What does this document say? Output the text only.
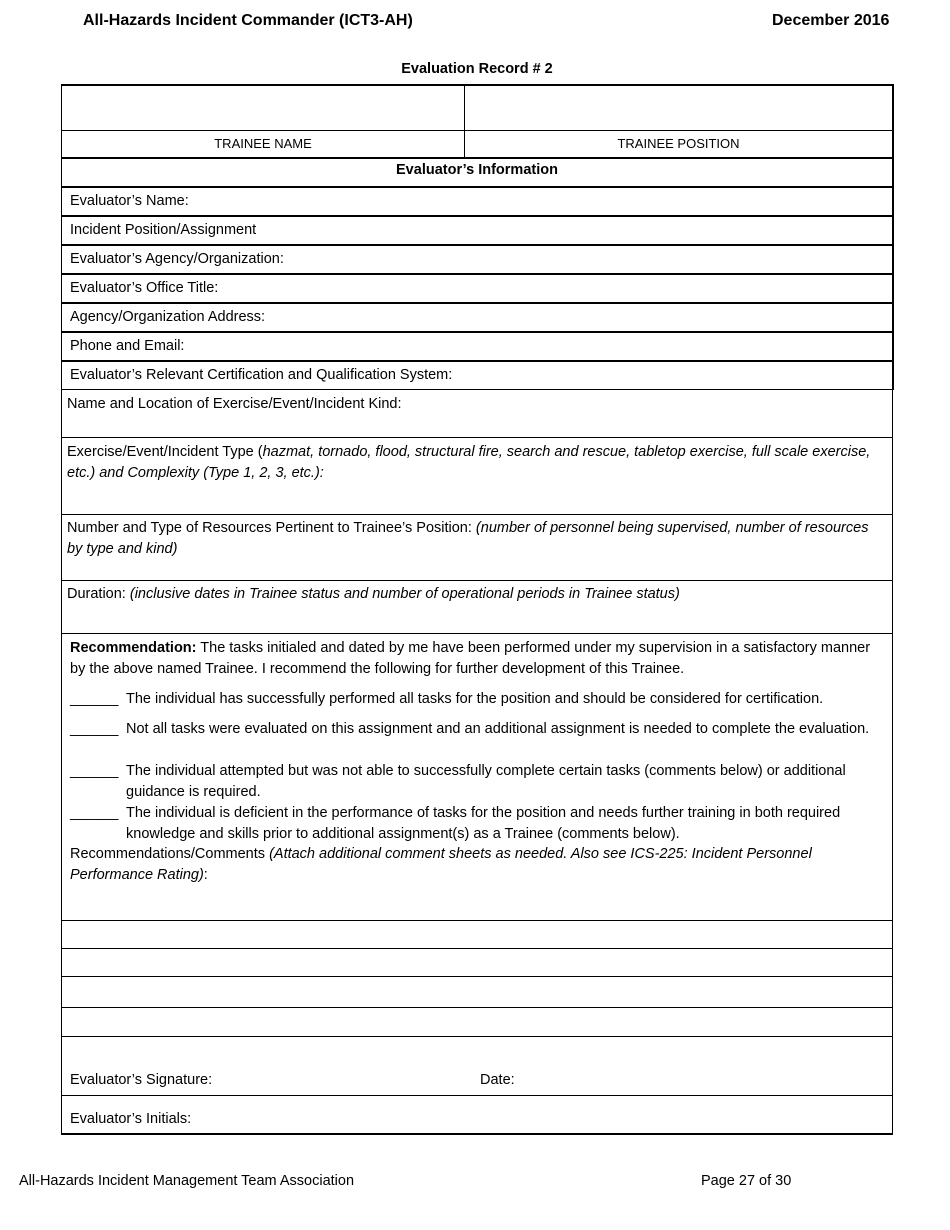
All-Hazards Incident Commander (ICT3-AH)	December 2016
Evaluation Record # 2
TRAINEE NAME	TRAINEE POSITION
Evaluator’s Information
Evaluator’s Name:
Incident Position/Assignment
Evaluator’s Agency/Organization:
Evaluator’s Office Title:
Agency/Organization Address:
Phone and Email:
Evaluator’s Relevant Certification and Qualification System:
Name and Location of Exercise/Event/Incident Kind:
Exercise/Event/Incident Type (hazmat, tornado, flood, structural fire, search and rescue, tabletop exercise, full scale exercise, etc.) and Complexity (Type 1, 2, 3, etc.):
Number and Type of Resources Pertinent to Trainee’s Position: (number of personnel being supervised, number of resources by type and kind)
Duration: (inclusive dates in Trainee status and number of operational periods in Trainee status)
Recommendation: The tasks initialed and dated by me have been performed under my supervision in a satisfactory manner by the above named Trainee. I recommend the following for further development of this Trainee.
______ The individual has successfully performed all tasks for the position and should be considered for certification.
______ Not all tasks were evaluated on this assignment and an additional assignment is needed to complete the evaluation.
______ The individual attempted but was not able to successfully complete certain tasks (comments below) or additional guidance is required.
______ The individual is deficient in the performance of tasks for the position and needs further training in both required knowledge and skills prior to additional assignment(s) as a Trainee (comments below).
Recommendations/Comments (Attach additional comment sheets as needed. Also see ICS-225: Incident Personnel Performance Rating):
Evaluator’s Signature:	Date:
Evaluator’s Initials:
All-Hazards Incident Management Team Association	Page 27 of 30
